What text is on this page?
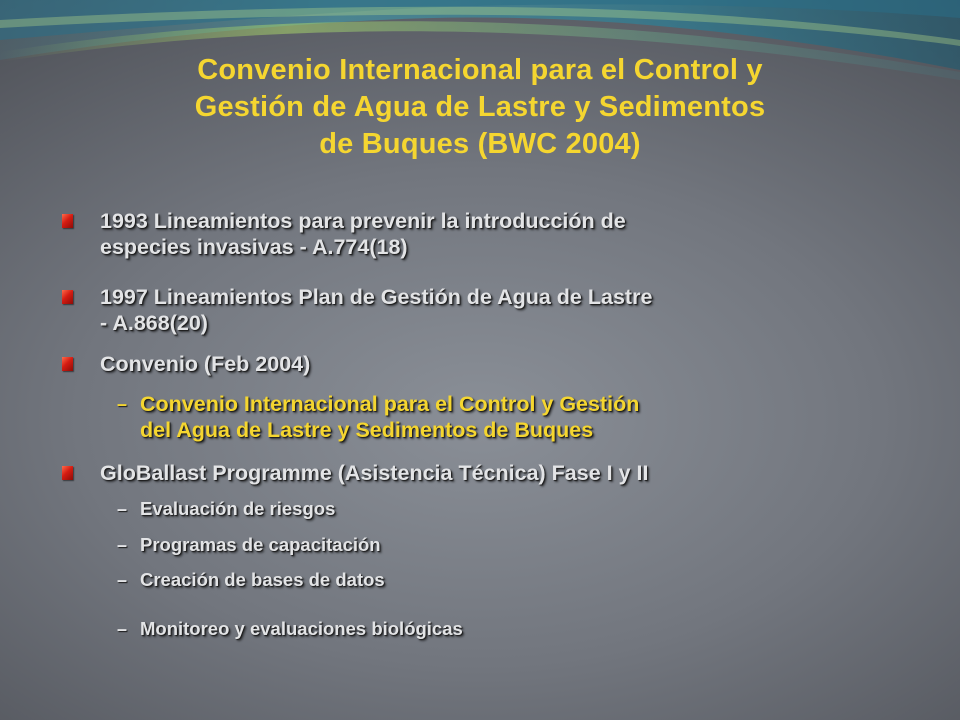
Convenio Internacional para el Control y
Gestión de Agua de Lastre y Sedimentos
de Buques (BWC 2004)
1993 Lineamientos para prevenir la introducción de
especies invasivas - A.774(18)
1997 Lineamientos Plan de Gestión de Agua de Lastre
- A.868(20)
Convenio (Feb 2004)
– Convenio Internacional para el Control y Gestión
del Agua de Lastre y Sedimentos de Buques
GloBallast Programme (Asistencia Técnica) Fase I y II
– Evaluación de riesgos
– Programas de capacitación
– Creación de bases de datos
– Monitoreo y evaluaciones biológicas
